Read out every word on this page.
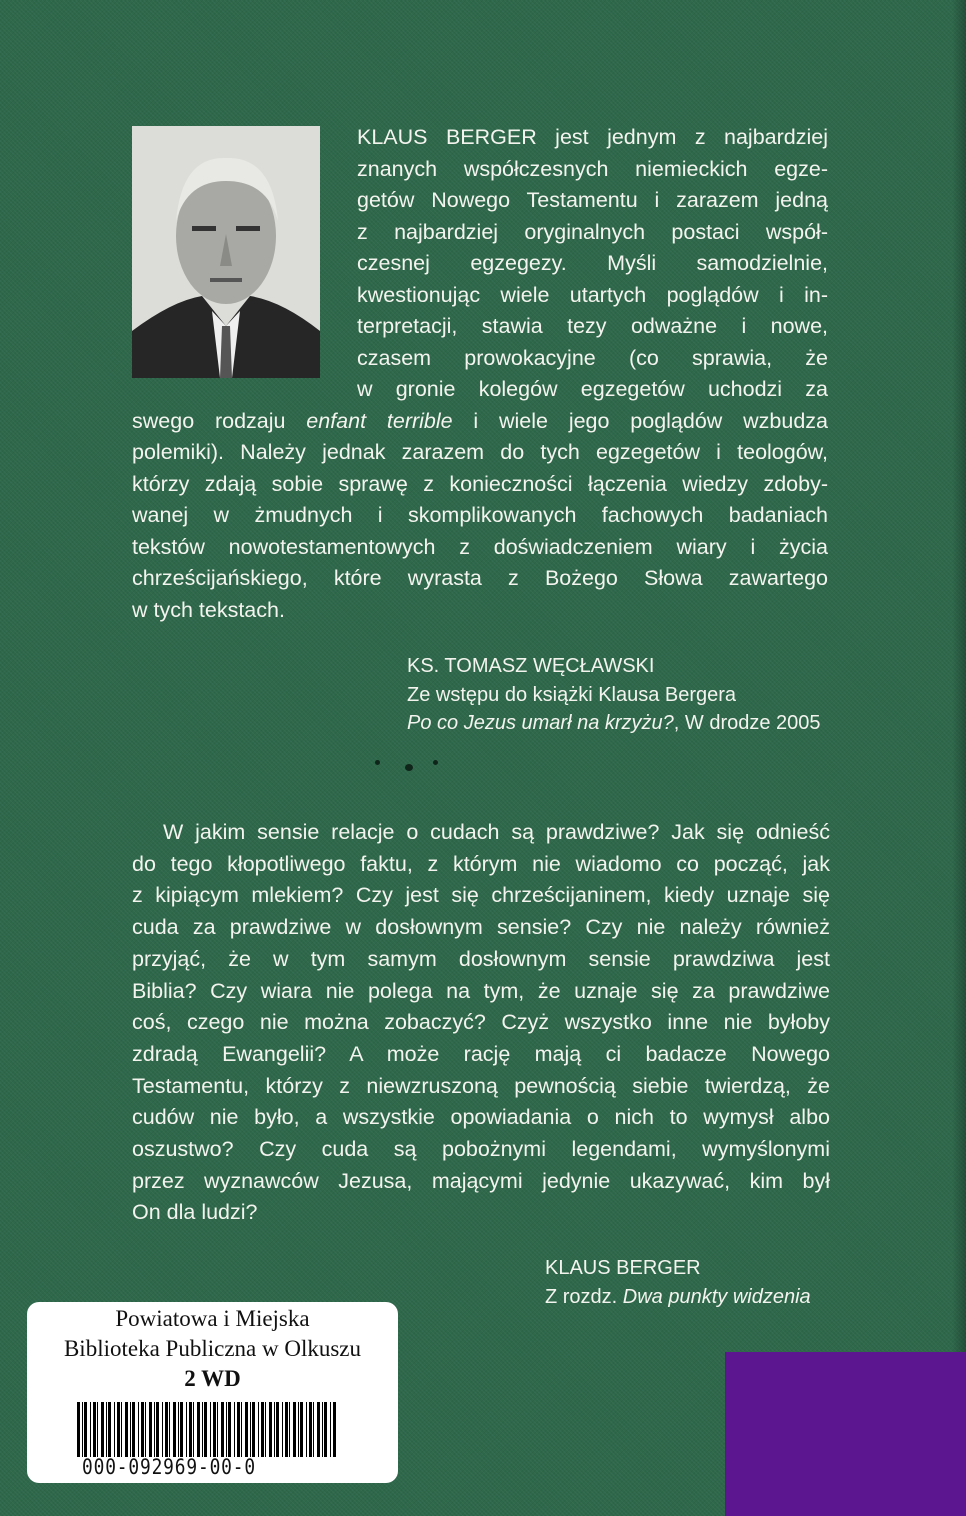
KLAUS BERGER jest jednym z najbardziej
znanych współczesnych niemieckich egze-
getów Nowego Testamentu i zarazem jedną
z najbardziej oryginalnych postaci współ-
czesnej egzegezy. Myśli samodzielnie,
kwestionując wiele utartych poglądów i in-
terpretacji, stawia tezy odważne i nowe,
czasem prowokacyjne (co sprawia, że
w gronie kolegów egzegetów uchodzi za
swego rodzaju enfant terrible i wiele jego poglądów wzbudza
polemiki). Należy jednak zarazem do tych egzegetów i teologów,
którzy zdają sobie sprawę z konieczności łączenia wiedzy zdoby-
wanej w żmudnych i skomplikowanych fachowych badaniach
tekstów nowotestamentowych z doświadczeniem wiary i życia
chrześcijańskiego, które wyrasta z Bożego Słowa zawartego
w tych tekstach.
KS. TOMASZ WĘCŁAWSKI
Ze wstępu do książki Klausa Bergera
Po co Jezus umarł na krzyżu?, W drodze 2005
W jakim sensie relacje o cudach są prawdziwe? Jak się odnieść
do tego kłopotliwego faktu, z którym nie wiadomo co począć, jak
z kipiącym mlekiem? Czy jest się chrześcijaninem, kiedy uznaje się
cuda za prawdziwe w dosłownym sensie? Czy nie należy również
przyjąć, że w tym samym dosłownym sensie prawdziwa jest
Biblia? Czy wiara nie polega na tym, że uznaje się za prawdziwe
coś, czego nie można zobaczyć? Czyż wszystko inne nie byłoby
zdradą Ewangelii? A może rację mają ci badacze Nowego
Testamentu, którzy z niewzruszoną pewnością siebie twierdzą, że
cudów nie było, a wszystkie opowiadania o nich to wymysł albo
oszustwo? Czy cuda są pobożnymi legendami, wymyślonymi
przez wyznawców Jezusa, mającymi jedynie ukazywać, kim był
On dla ludzi?
KLAUS BERGER
Z rozdz. Dwa punkty widzenia
Powiatowa i Miejska
Biblioteka Publiczna w Olkuszu
2 WD
000-092969-00-0
